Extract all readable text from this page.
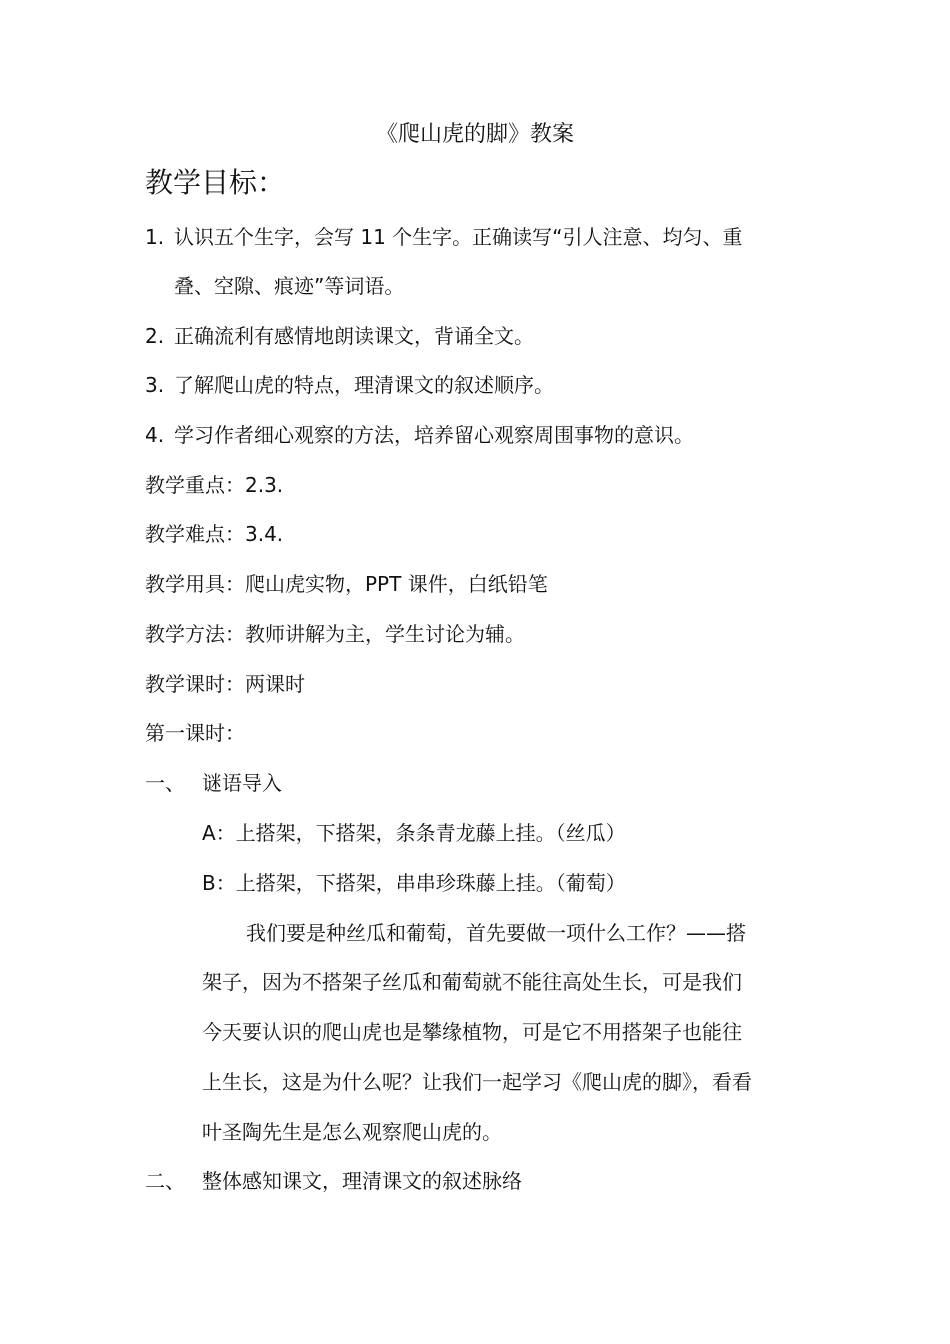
《爬山虎的脚》教案
教学目标：
1. 认识五个生字，会写 11 个生字。正确读写“引人注意、均匀、重
叠、空隙、痕迹”等词语。
2. 正确流利有感情地朗读课文，背诵全文。
3. 了解爬山虎的特点，理清课文的叙述顺序。
4. 学习作者细心观察的方法，培养留心观察周围事物的意识。
教学重点：2.3.
教学难点：3.4.
教学用具：爬山虎实物，PPT 课件，白纸铅笔
教学方法：教师讲解为主，学生讨论为辅。
教学课时：两课时
第一课时：
一、 谜语导入
A：上搭架，下搭架，条条青龙藤上挂。（丝瓜）
B：上搭架，下搭架，串串珍珠藤上挂。（葡萄）
我们要是种丝瓜和葡萄，首先要做一项什么工作？——搭
架子，因为不搭架子丝瓜和葡萄就不能往高处生长，可是我们
今天要认识的爬山虎也是攀缘植物，可是它不用搭架子也能往
上生长，这是为什么呢？让我们一起学习《爬山虎的脚》，看看
叶圣陶先生是怎么观察爬山虎的。
二、 整体感知课文，理清课文的叙述脉络
